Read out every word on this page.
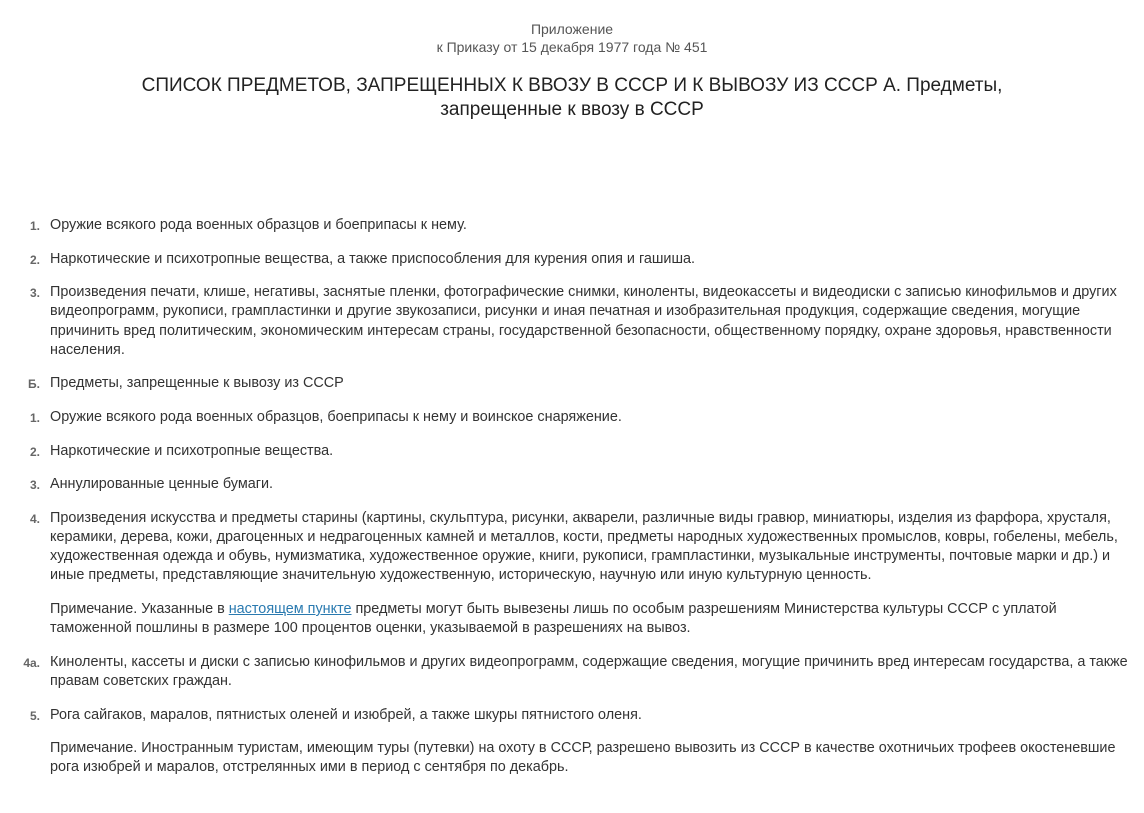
Приложение
к Приказу от 15 декабря 1977 года № 451
СПИСОК ПРЕДМЕТОВ, ЗАПРЕЩЕННЫХ К ВВОЗУ В СССР И К ВЫВОЗУ ИЗ СССР А. Предметы, запрещенные к ввозу в СССР
1. Оружие всякого рода военных образцов и боеприпасы к нему.
2. Наркотические и психотропные вещества, а также приспособления для курения опия и гашиша.
3. Произведения печати, клише, негативы, заснятые пленки, фотографические снимки, киноленты, видеокассеты и видеодиски с записью кинофильмов и других видеопрограмм, рукописи, грампластинки и другие звукозаписи, рисунки и иная печатная и изобразительная продукция, содержащие сведения, могущие причинить вред политическим, экономическим интересам страны, государственной безопасности, общественному порядку, охране здоровья, нравственности населения.
Б. Предметы, запрещенные к вывозу из СССР
1. Оружие всякого рода военных образцов, боеприпасы к нему и воинское снаряжение.
2. Наркотические и психотропные вещества.
3. Аннулированные ценные бумаги.
4. Произведения искусства и предметы старины (картины, скульптура, рисунки, акварели, различные виды гравюр, миниатюры, изделия из фарфора, хрусталя, керамики, дерева, кожи, драгоценных и недрагоценных камней и металлов, кости, предметы народных художественных промыслов, ковры, гобелены, мебель, художественная одежда и обувь, нумизматика, художественное оружие, книги, рукописи, грампластинки, музыкальные инструменты, почтовые марки и др.) и иные предметы, представляющие значительную художественную, историческую, научную или иную культурную ценность.
Примечание. Указанные в настоящем пункте предметы могут быть вывезены лишь по особым разрешениям Министерства культуры СССР с уплатой таможенной пошлины в размере 100 процентов оценки, указываемой в разрешениях на вывоз.
4а. Киноленты, кассеты и диски с записью кинофильмов и других видеопрограмм, содержащие сведения, могущие причинить вред интересам государства, а также правам советских граждан.
5. Рога сайгаков, маралов, пятнистых оленей и изюбрей, а также шкуры пятнистого оленя.
Примечание. Иностранным туристам, имеющим туры (путевки) на охоту в СССР, разрешено вывозить из СССР в качестве охотничьих трофеев окостеневшие рога изюбрей и маралов, отстрелянных ими в период с сентября по декабрь.
